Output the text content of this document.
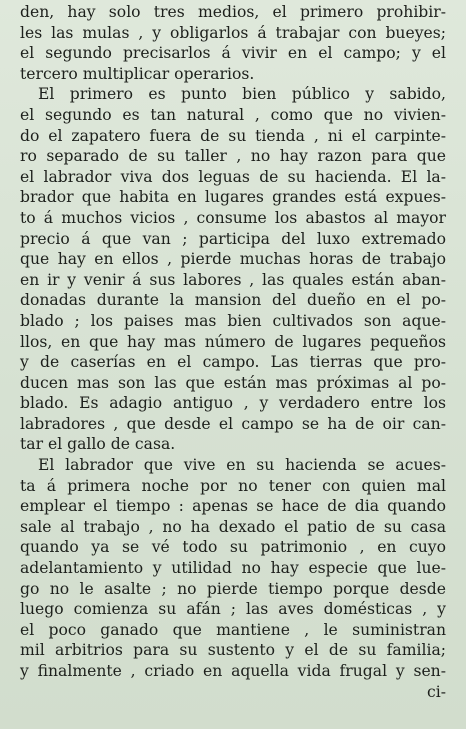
den, hay solo tres medios, el primero prohibir-
les las mulas , y obligarlos á trabajar con bueyes;
el segundo precisarlos á vivir en el campo; y el
tercero multiplicar operarios.
El primero es punto bien público y sabido,
el segundo es tan natural , como que no vivien-
do el zapatero fuera de su tienda , ni el carpinte-
ro separado de su taller , no hay razon para que
el labrador viva dos leguas de su hacienda. El la-
brador que habita en lugares grandes está expues-
to á muchos vicios , consume los abastos al mayor
precio á que van ; participa del luxo extremado
que hay en ellos , pierde muchas horas de trabajo
en ir y venir á sus labores , las quales están aban-
donadas durante la mansion del dueño en el po-
blado ; los paises mas bien cultivados son aque-
llos, en que hay mas número de lugares pequeños
y de caserías en el campo. Las tierras que pro-
ducen mas son las que están mas próximas al po-
blado. Es adagio antiguo , y verdadero entre los
labradores , que desde el campo se ha de oir can-
tar el gallo de casa.
El labrador que vive en su hacienda se acues-
ta á primera noche por no tener con quien mal
emplear el tiempo : apenas se hace de dia quando
sale al trabajo , no ha dexado el patio de su casa
quando ya se vé todo su patrimonio , en cuyo
adelantamiento y utilidad no hay especie que lue-
go no le asalte ; no pierde tiempo porque desde
luego comienza su afán ; las aves domésticas , y
el poco ganado que mantiene , le suministran
mil arbitrios para su sustento y el de su familia;
y finalmente , criado en aquella vida frugal y sen-
ci-
